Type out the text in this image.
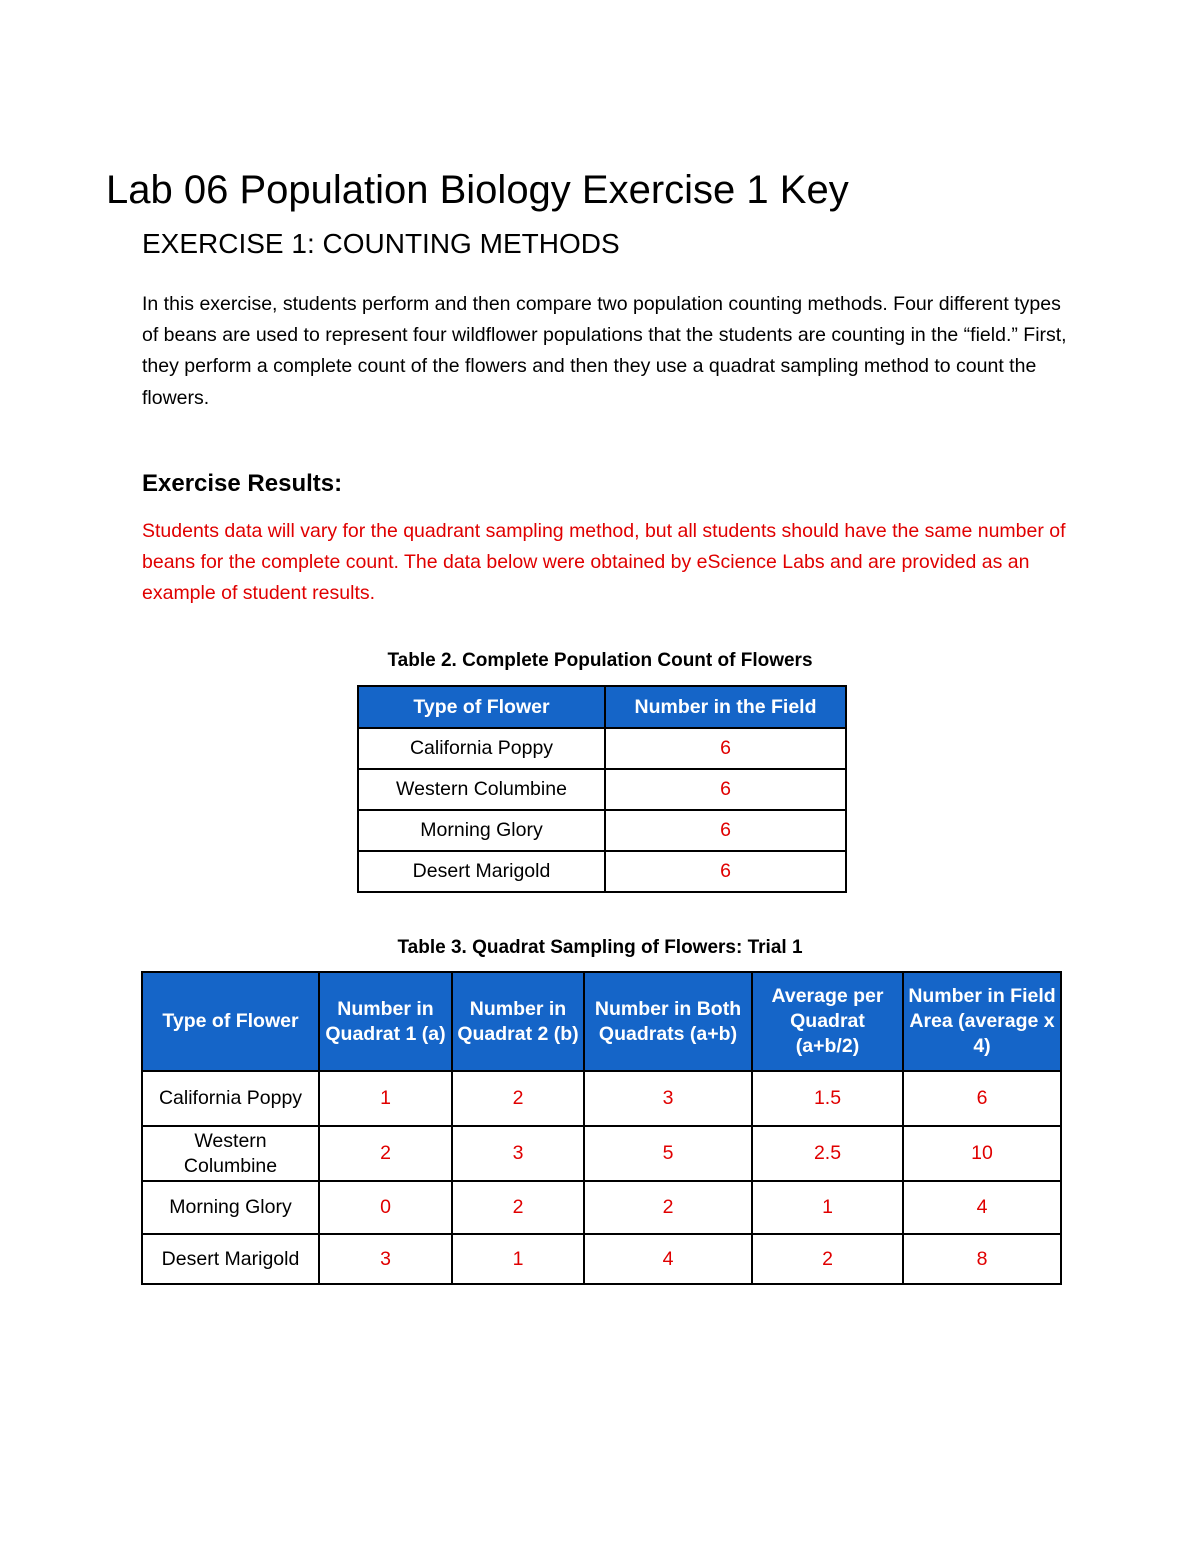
Lab 06 Population Biology Exercise 1 Key
EXERCISE 1: COUNTING METHODS

In this exercise, students perform and then compare two population counting methods. Four different types of beans are used to represent four wildflower populations that the students are counting in the “field.” First, they perform a complete count of the flowers and then they use a quadrat sampling method to count the flowers.

Exercise Results:

Students data will vary for the quadrant sampling method, but all students should have the same number of beans for the complete count. The data below were obtained by eScience Labs and are provided as an example of student results.

Table 2. Complete Population Count of Flowers
Type of Flower	Number in the Field
California Poppy	6
Western Columbine	6
Morning Glory	6
Desert Marigold	6
Table 3. Quadrat Sampling of Flowers: Trial 1
Type of Flower	Number in Quadrat 1 (a)	Number in Quadrat 2 (b)	Number in Both Quadrats (a+b)	Average per Quadrat (a+b/2)	Number in Field Area (average x 4)
California Poppy	1	2	3	1.5	6
Western Columbine	2	3	5	2.5	10
Morning Glory	0	2	2	1	4
Desert Marigold	3	1	4	2	8
